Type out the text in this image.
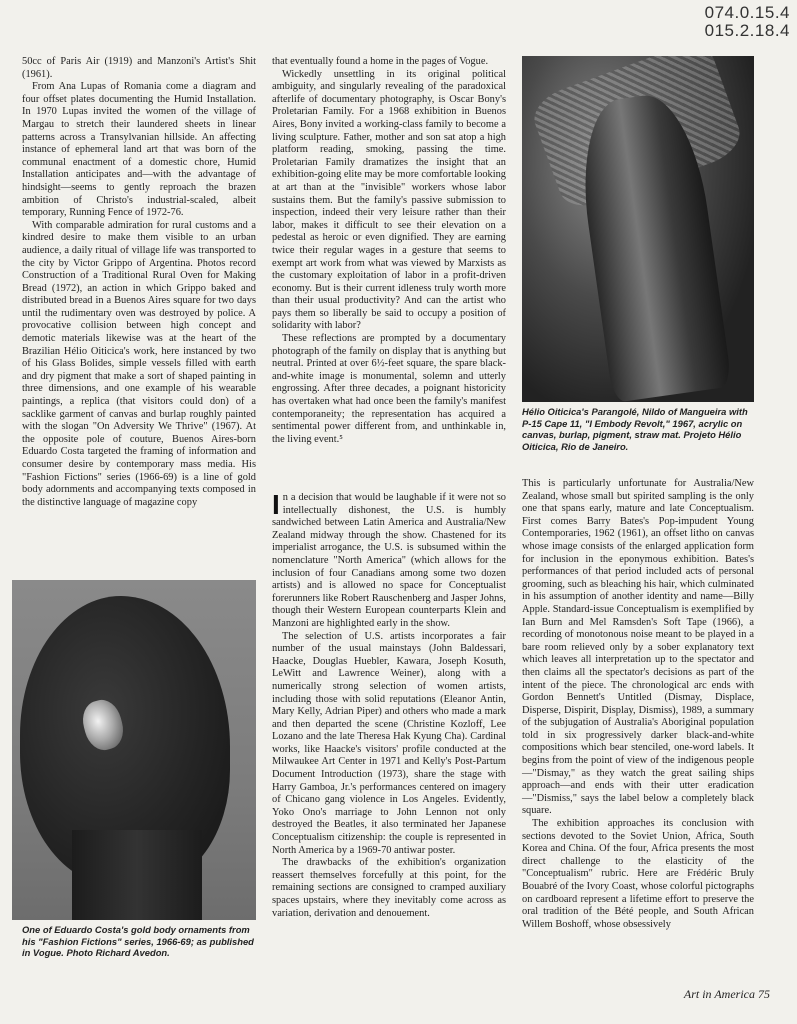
074.0.15.4
015.2.18.4

50cc of Paris Air (1919) and Manzoni's Artist's Shit (1961).

From Ana Lupas of Romania come a diagram and four offset plates documenting the Humid Installation. In 1970 Lupas invited the women of the village of Margau to stretch their laundered sheets in linear patterns across a Transylvanian hillside. An affecting instance of ephemeral land art that was born of the communal enactment of a domestic chore, Humid Installation anticipates and—with the advantage of hindsight—seems to gently reproach the brazen ambition of Christo's industrial-scaled, albeit temporary, Running Fence of 1972-76.

With comparable admiration for rural customs and a kindred desire to make them visible to an urban audience, a daily ritual of village life was transported to the city by Victor Grippo of Argentina. Photos record Construction of a Traditional Rural Oven for Making Bread (1972), an action in which Grippo baked and distributed bread in a Buenos Aires square for two days until the rudimentary oven was destroyed by police. A provocative collision between high concept and demotic materials likewise was at the heart of the Brazilian Hélio Oiticica's work, here instanced by two of his Glass Bolides, simple vessels filled with earth and dry pigment that make a sort of shaped painting in three dimensions, and one example of his wearable paintings, a replica (that visitors could don) of a sacklike garment of canvas and burlap roughly painted with the slogan "On Adversity We Thrive" (1967). At the opposite pole of couture, Buenos Aires-born Eduardo Costa targeted the framing of information and consumer desire by contemporary mass media. His "Fashion Fictions" series (1966-69) is a line of gold body adornments and accompanying texts composed in the distinctive language of magazine copy

that eventually found a home in the pages of Vogue.

Wickedly unsettling in its original political ambiguity, and singularly revealing of the paradoxical afterlife of documentary photography, is Oscar Bony's Proletarian Family. For a 1968 exhibition in Buenos Aires, Bony invited a working-class family to become a living sculpture. Father, mother and son sat atop a high platform reading, smoking, passing the time. Proletarian Family dramatizes the insight that an exhibition-going elite may be more comfortable looking at art than at the "invisible" workers whose labor sustains them. But the family's passive submission to inspection, indeed their very leisure rather than their labor, makes it difficult to see their elevation on a pedestal as heroic or even dignified. They are earning twice their regular wages in a gesture that seems to exempt art work from what was viewed by Marxists as the customary exploitation of labor in a profit-driven economy. But is their current idleness truly worth more than their usual productivity? And can the artist who pays them so liberally be said to occupy a position of solidarity with labor?

These reflections are prompted by a documentary photograph of the family on display that is anything but neutral. Printed at over 6½-feet square, the spare black-and-white image is monumental, solemn and utterly engrossing. After three decades, a poignant historicity has overtaken what had once been the family's manifest contemporaneity; the representation has acquired a sentimental power different from, and unthinkable in, the living event.⁵

In a decision that would be laughable if it were not so intellectually dishonest, the U.S. is humbly sandwiched between Latin America and Australia/New Zealand midway through the show. Chastened for its imperialist arrogance, the U.S. is subsumed within the nomenclature "North America" (which allows for the inclusion of four Canadians among some two dozen artists) and is allowed no space for Conceptualist forerunners like Robert Rauschenberg and Jasper Johns, though their Western European counterparts Klein and Manzoni are highlighted early in the show.

The selection of U.S. artists incorporates a fair number of the usual mainstays (John Baldessari, Haacke, Douglas Huebler, Kawara, Joseph Kosuth, LeWitt and Lawrence Weiner), along with a numerically strong selection of women artists, including those with solid reputations (Eleanor Antin, Mary Kelly, Adrian Piper) and others who made a mark and then departed the scene (Christine Kozloff, Lee Lozano and the late Theresa Hak Kyung Cha). Cardinal works, like Haacke's visitors' profile conducted at the Milwaukee Art Center in 1971 and Kelly's Post-Partum Document Introduction (1973), share the stage with Harry Gamboa, Jr.'s performances centered on imagery of Chicano gang violence in Los Angeles. Evidently, Yoko Ono's marriage to John Lennon not only destroyed the Beatles, it also terminated her Japanese Conceptualism citizenship: the couple is represented in North America by a 1969-70 antiwar poster.

The drawbacks of the exhibition's organization reassert themselves forcefully at this point, for the remaining sections are consigned to cramped auxiliary spaces upstairs, where they inevitably come across as variation, derivation and denouement.

Hélio Oiticica's Parangolé, Nildo of Mangueira with P-15 Cape 11, "I Embody Revolt," 1967, acrylic on canvas, burlap, pigment, straw mat. Projeto Hélio Oiticica, Rio de Janeiro.

This is particularly unfortunate for Australia/New Zealand, whose small but spirited sampling is the only one that spans early, mature and late Conceptualism. First comes Barry Bates's Pop-impudent Young Contemporaries, 1962 (1961), an offset litho on canvas whose image consists of the enlarged application form for inclusion in the eponymous exhibition. Bates's performances of that period included acts of personal grooming, such as bleaching his hair, which culminated in his assumption of another identity and name—Billy Apple. Standard-issue Conceptualism is exemplified by Ian Burn and Mel Ramsden's Soft Tape (1966), a recording of monotonous noise meant to be played in a bare room relieved only by a sober explanatory text which leaves all interpretation up to the spectator and then claims all the spectator's decisions as part of the intent of the piece. The chronological arc ends with Gordon Bennett's Untitled (Dismay, Displace, Disperse, Dispirit, Display, Dismiss), 1989, a summary of the subjugation of Australia's Aboriginal population told in six progressively darker black-and-white compositions which bear stenciled, one-word labels. It begins from the point of view of the indigenous people—"Dismay," as they watch the great sailing ships approach—and ends with their utter eradication—"Dismiss," says the label below a completely black square.

The exhibition approaches its conclusion with sections devoted to the Soviet Union, Africa, South Korea and China. Of the four, Africa presents the most direct challenge to the elasticity of the "Conceptualism" rubric. Here are Frédéric Bruly Bouabré of the Ivory Coast, whose colorful pictographs on cardboard represent a lifetime effort to preserve the oral tradition of the Bété people, and South African Willem Boshoff, whose obsessively

One of Eduardo Costa's gold body ornaments from his "Fashion Fictions" series, 1966-69; as published in Vogue. Photo Richard Avedon.
Art in America 75
